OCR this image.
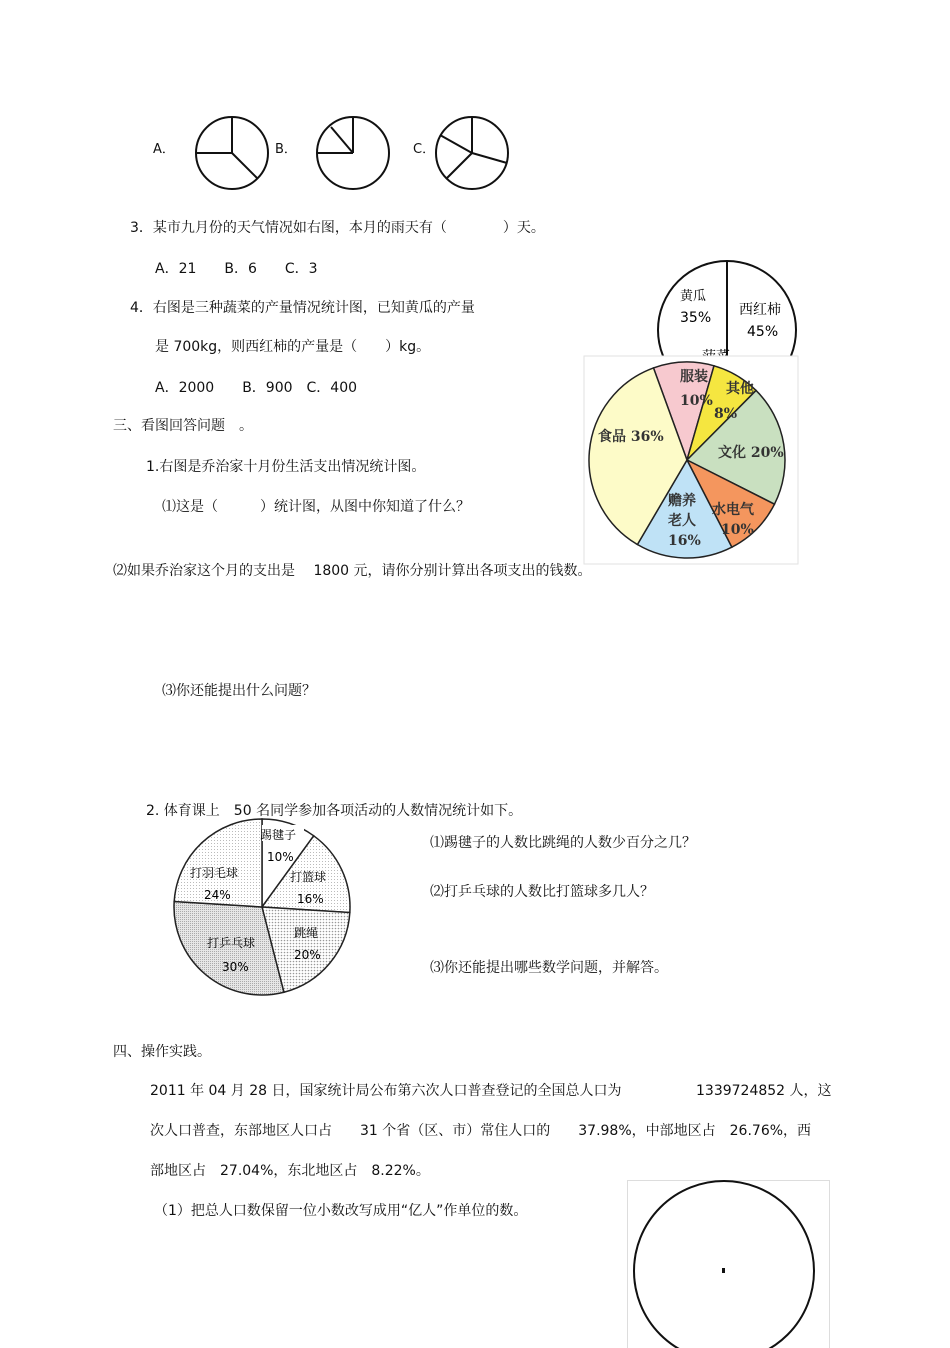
A．	B．	C．
3．某市九月份的天气情况如右图，本月的雨天有（　　　　）天。
A．21　　B．6　　C．3
4．右图是三种蔬菜的产量情况统计图，已知黄瓜的产量
是 700kg，则西红柿的产量是（　　）kg。
A．2000　　B．900　C．400
黄瓜
35% 西红柿
45%
食品 36%
服装
10%
其他
8%
文化 20%
水电气
10%
赡养
老人
16%
三、看图回答问题　。
1.右图是乔治家十月份生活支出情况统计图。
⑴这是（　　　）统计图，从图中你知道了什么？
⑵如果乔治家这个月的支出是　 1800 元，请你分别计算出各项支出的钱数。
⑶你还能提出什么问题？
2. 体育课上　50 名同学参加各项活动的人数情况统计如下。
踢毽子
10%
打篮球
16%
跳绳
20%
打乒乓球
30%
打羽毛球
24%
⑴踢毽子的人数比跳绳的人数少百分之几？
⑵打乒乓球的人数比打篮球多几人？
⑶你还能提出哪些数学问题，并解答。
四、操作实践。
2011 年 04 月 28 日，国家统计局公布第六次人口普查登记的全国总人口为	1339724852 人，这
次人口普查，东部地区人口占　　31 个省（区、市）常住人口的　　37.98%，中部地区占　26.76%，西
部地区占　27.04%，东北地区占　8.22%。
（1）把总人口数保留一位小数改写成用“亿人”作单位的数。
